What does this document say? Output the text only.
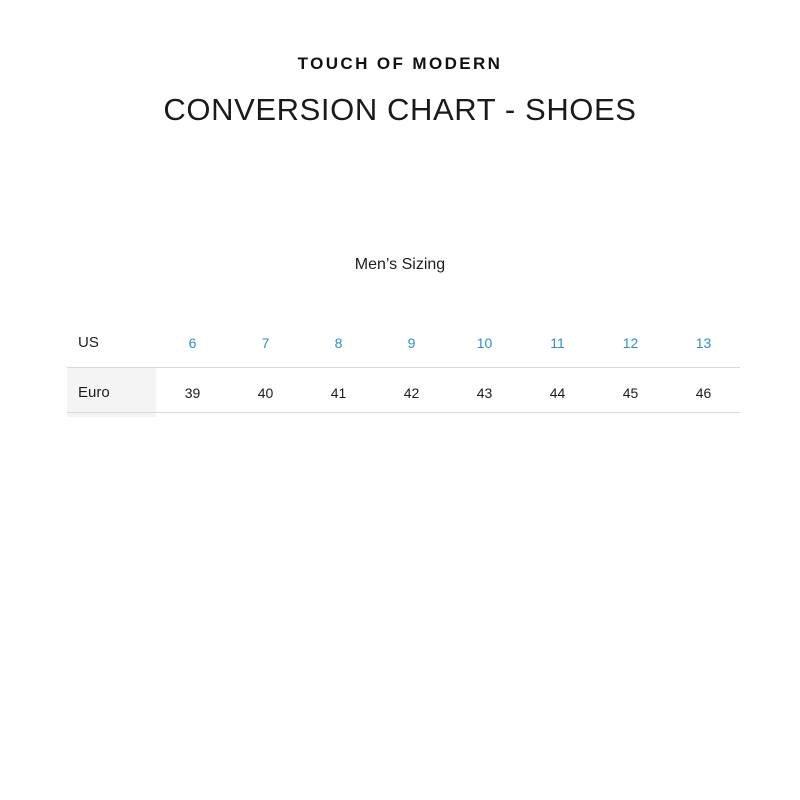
TOUCH OF MODERN
CONVERSION CHART - SHOES
Men’s Sizing
US	6	7	8	9	10	11	12	13
Euro	39	40	41	42	43	44	45	46
